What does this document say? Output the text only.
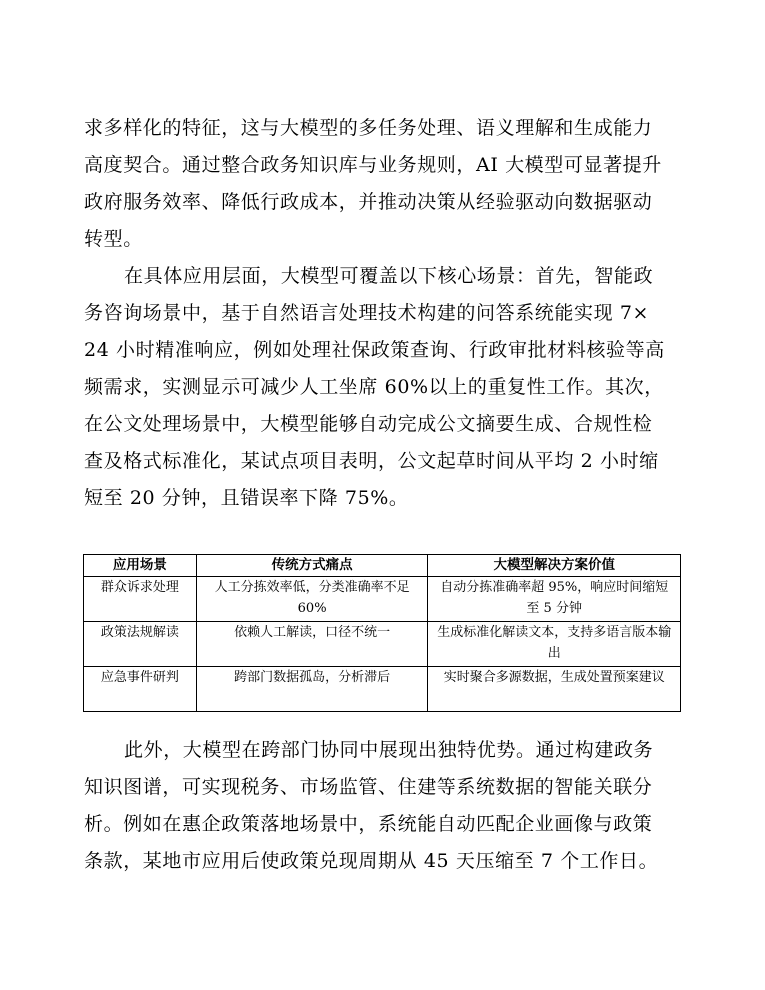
求多样化的特征，这与大模型的多任务处理、语义理解和生成能力
高度契合。通过整合政务知识库与业务规则，AI 大模型可显著提升
政府服务效率、降低行政成本，并推动决策从经验驱动向数据驱动
转型。
在具体应用层面，大模型可覆盖以下核心场景：首先，智能政
务咨询场景中，基于自然语言处理技术构建的问答系统能实现 7×
24 小时精准响应，例如处理社保政策查询、行政审批材料核验等高
频需求，实测显示可减少人工坐席 60%以上的重复性工作。其次，
在公文处理场景中，大模型能够自动完成公文摘要生成、合规性检
查及格式标准化，某试点项目表明，公文起草时间从平均 2 小时缩
短至 20 分钟，且错误率下降 75%。
应用场景	传统方式痛点	大模型解决方案价值
群众诉求处理	人工分拣效率低，分类准确率不足 60%	自动分拣准确率超 95%，响应时间缩短至 5 分钟
政策法规解读	依赖人工解读，口径不统一	生成标准化解读文本，支持多语言版本输出
应急事件研判	跨部门数据孤岛，分析滞后	实时聚合多源数据，生成处置预案建议
此外，大模型在跨部门协同中展现出独特优势。通过构建政务
知识图谱，可实现税务、市场监管、住建等系统数据的智能关联分
析。例如在惠企政策落地场景中，系统能自动匹配企业画像与政策
条款，某地市应用后使政策兑现周期从 45 天压缩至 7 个工作日。
